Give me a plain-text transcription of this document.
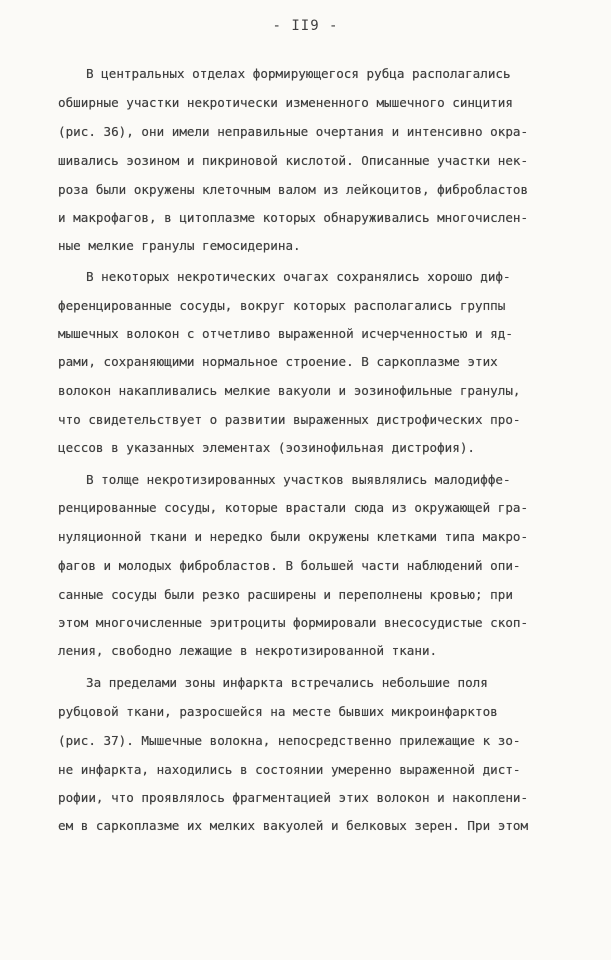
- II9 -
В центральных отделах формирующегося рубца располагались
обширные участки некротически измененного мышечного синцития
(рис. 36), они имели неправильные очертания и интенсивно окра-
шивались эозином и пикриновой кислотой. Описанные участки нек-
роза были окружены клеточным валом из лейкоцитов, фибробластов
и макрофагов, в цитоплазме которых обнаруживались многочислен-
ные мелкие гранулы гемосидерина.
В некоторых некротических очагах сохранялись хорошо диф-
ференцированные сосуды, вокруг которых располагались группы
мышечных волокон с отчетливо выраженной исчерченностью и яд-
рами, сохраняющими нормальное строение. В саркоплазме этих
волокон накапливались мелкие вакуоли и эозинофильные гранулы,
что свидетельствует о развитии выраженных дистрофических про-
цессов в указанных элементах (эозинофильная дистрофия).
В толще некротизированных участков выявлялись малодиффе-
ренцированные сосуды, которые врастали сюда из окружающей гра-
нуляционной ткани и нередко были окружены клетками типа макро-
фагов и молодых фибробластов. В большей части наблюдений опи-
санные сосуды были резко расширены и переполнены кровью; при
этом многочисленные эритроциты формировали внесосудистые скоп-
ления, свободно лежащие в некротизированной ткани.
За пределами зоны инфаркта встречались небольшие поля
рубцовой ткани, разросшейся на месте бывших микроинфарктов
(рис. 37). Мышечные волокна, непосредственно прилежащие к зо-
не инфаркта, находились в состоянии умеренно выраженной дист-
рофии, что проявлялось фрагментацией этих волокон и накоплени-
ем в саркоплазме их мелких вакуолей и белковых зерен. При этом
